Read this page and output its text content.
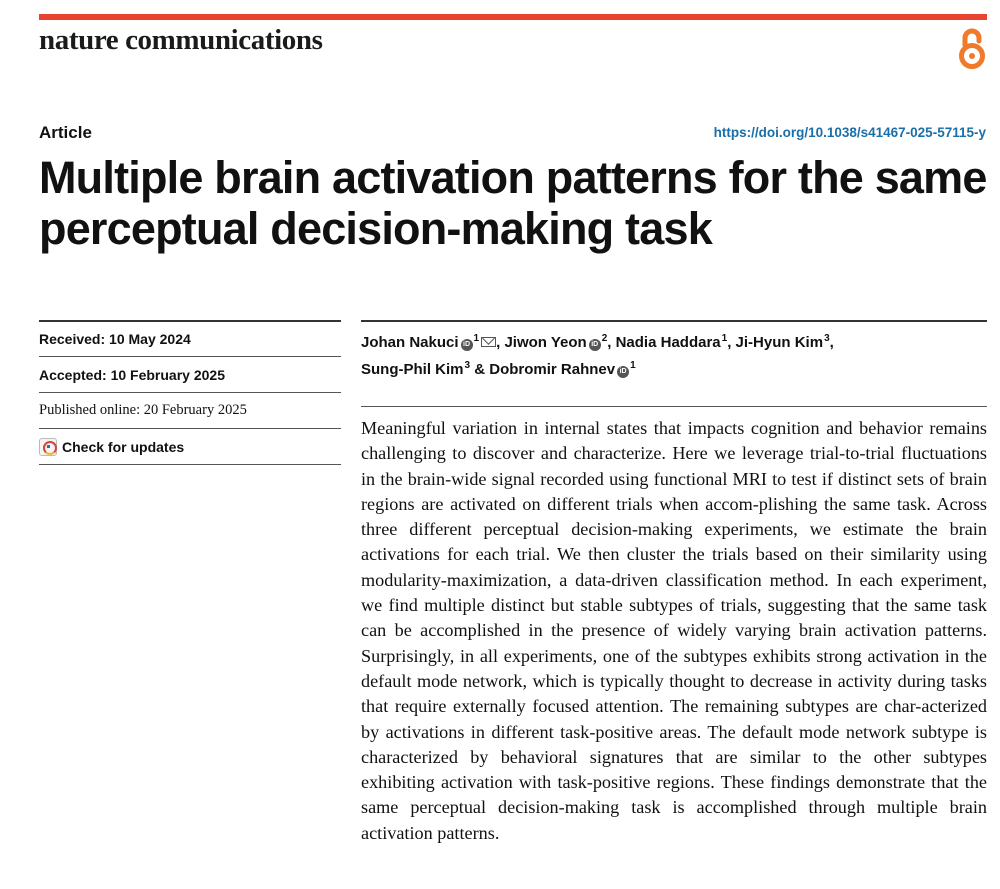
nature communications
Article	https://doi.org/10.1038/s41467-025-57115-y
Multiple brain activation patterns for the same perceptual decision-making task
Received: 10 May 2024
Accepted: 10 February 2025
Published online: 20 February 2025
Check for updates
Johan Nakuci iD$^1$ , Jiwon Yeon iD$^2$, Nadia Haddara$^1$, Ji-Hyun Kim$^3$,
Sung-Phil Kim$^3$ & Dobromir Rahnev iD$^1$

Meaningful variation in internal states that impacts cognition and behavior remains challenging to discover and characterize. Here we leverage trial-to-trial fluctuations in the brain-wide signal recorded using functional MRI to test if distinct sets of brain regions are activated on different trials when accom-plishing the same task. Across three different perceptual decision-making experiments, we estimate the brain activations for each trial. We then cluster the trials based on their similarity using modularity-maximization, a data-driven classification method. In each experiment, we find multiple distinct but stable subtypes of trials, suggesting that the same task can be accomplished in the presence of widely varying brain activation patterns. Surprisingly, in all experiments, one of the subtypes exhibits strong activation in the default mode network, which is typically thought to decrease in activity during tasks that require externally focused attention. The remaining subtypes are char-acterized by activations in different task-positive areas. The default mode network subtype is characterized by behavioral signatures that are similar to the other subtypes exhibiting activation with task-positive regions. These findings demonstrate that the same perceptual decision-making task is accomplished through multiple brain activation patterns.
